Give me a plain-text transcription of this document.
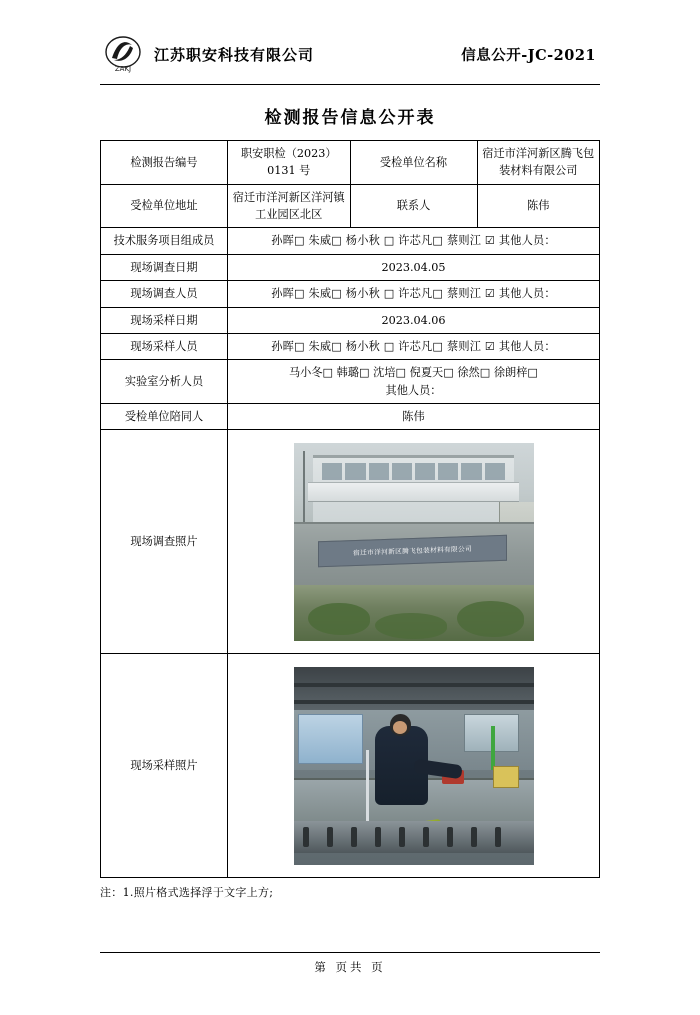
ZAKJ
江苏职安科技有限公司	信息公开-JC-2021
检测报告信息公开表
检测报告编号	职安职检（2023）0131 号	受检单位名称	宿迁市洋河新区腾飞包装材料有限公司
受检单位地址	宿迁市洋河新区洋河镇工业园区北区	联系人	陈伟
技术服务项目组成员	孙晖□ 朱威□ 杨小秋 □ 许芯凡□ 蔡则江 ☑ 其他人员：		
现场调查日期	2023.04.05		
现场调查人员	孙晖□ 朱威□ 杨小秋 □ 许芯凡□ 蔡则江 ☑ 其他人员：		
现场采样日期	2023.04.06		
现场采样人员	孙晖□ 朱威□ 杨小秋 □ 许芯凡□ 蔡则江 ☑ 其他人员：		
实验室分析人员	马小冬□ 韩璐□ 沈培□ 倪夏天□ 徐然□ 徐朗梓□
其他人员：		

受检单位陪同人	陈伟		
现场调查照片	宿迁市洋河新区腾飞包装材料有限公司		

现场采样照片			
注：1.照片格式选择浮于文字上方;
第 页共 页
